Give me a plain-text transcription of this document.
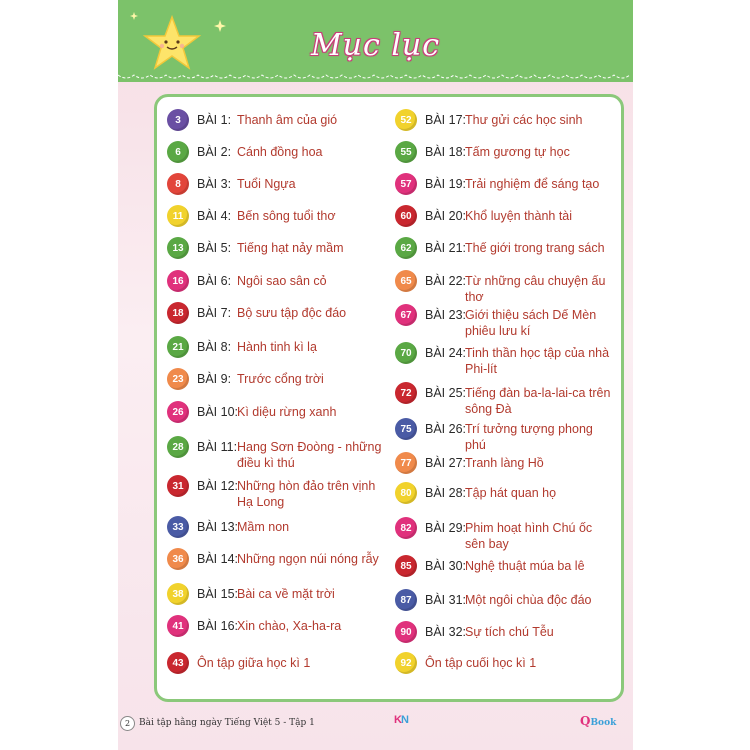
Mục lục
3	BÀI 1: Thanh âm của gió
6	BÀI 2: Cánh đồng hoa
8	BÀI 3: Tuổi Ngựa
11	BÀI 4: Bến sông tuổi thơ
13	BÀI 5: Tiếng hạt nảy mầm
16	BÀI 6: Ngôi sao sân cỏ
18	BÀI 7: Bộ sưu tập độc đáo
21	BÀI 8: Hành tinh kì lạ
23	BÀI 9: Trước cổng trời
26	BÀI 10: Kì diệu rừng xanh
28	BÀI 11: Hang Sơn Đoòng - những điều kì thú
31	BÀI 12: Những hòn đảo trên vịnh Hạ Long
33	BÀI 13: Mầm non
36	BÀI 14: Những ngọn núi nóng rẫy
38	BÀI 15: Bài ca về mặt trời
41	BÀI 16: Xin chào, Xa-ha-ra
43	Ôn tập giữa học kì 1
52	BÀI 17: Thư gửi các học sinh
55	BÀI 18: Tấm gương tự học
57	BÀI 19: Trải nghiệm để sáng tạo
60	BÀI 20: Khổ luyện thành tài
62	BÀI 21: Thế giới trong trang sách
65	BÀI 22: Từ những câu chuyện ấu thơ
67	BÀI 23: Giới thiệu sách Dế Mèn phiêu lưu kí
70	BÀI 24: Tinh thần học tập của nhà Phi-lít
72	BÀI 25: Tiếng đàn ba-la-lai-ca trên sông Đà
75	BÀI 26: Trí tưởng tượng phong phú
77	BÀI 27: Tranh làng Hồ
80	BÀI 28: Tập hát quan họ
82	BÀI 29: Phim hoạt hình Chú ốc sên bay
85	BÀI 30: Nghệ thuật múa ba lê
87	BÀI 31: Một ngôi chùa độc đáo
90	BÀI 32: Sự tích chú Tễu
92	Ôn tập cuối học kì 1
2 Bài tập hằng ngày Tiếng Việt 5 - Tập 1	KN	QBook
